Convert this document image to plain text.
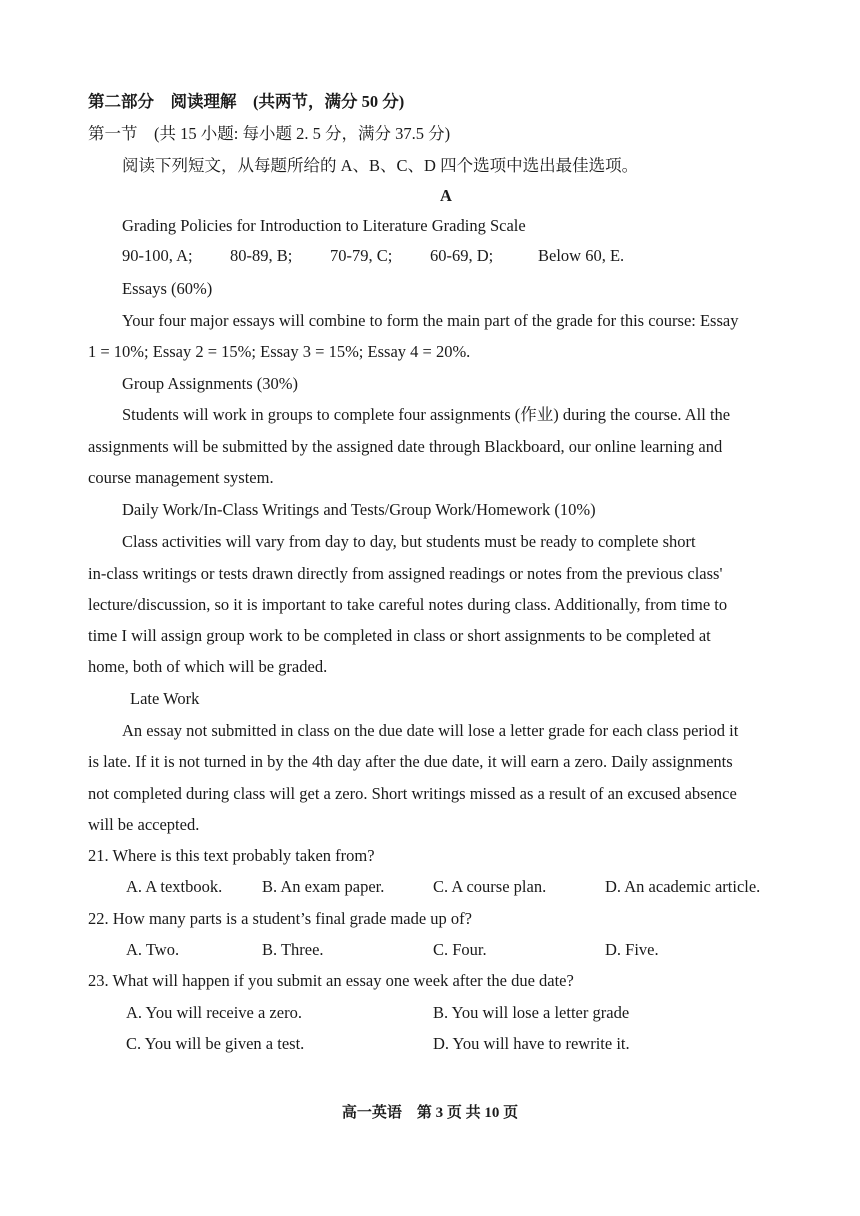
第二部分　阅读理解　(共两节，满分 50 分)
第一节　(共 15 小题: 每小题 2. 5 分，满分 37.5 分)
阅读下列短文，从每题所给的 A、B、C、D 四个选项中选出最佳选项。
A
Grading Policies for Introduction to Literature Grading Scale
90-100, A; 80-89, B; 70-79, C; 60-69, D;	Below 60, E.
Essays (60%)
Your four major essays will combine to form the main part of the grade for this course: Essay
1 = 10%; Essay 2 = 15%; Essay 3 = 15%; Essay 4 = 20%.
Group Assignments (30%)
Students will work in groups to complete four assignments (作业) during the course. All the
assignments will be submitted by the assigned date through Blackboard, our online learning and
course management system.
Daily Work/In-Class Writings and Tests/Group Work/Homework (10%)
Class activities will vary from day to day, but students must be ready to complete short
in-class writings or tests drawn directly from assigned readings or notes from the previous class'
lecture/discussion, so it is important to take careful notes during class. Additionally, from time to
time I will assign group work to be completed in class or short assignments to be completed at
home, both of which will be graded.
Late Work
An essay not submitted in class on the due date will lose a letter grade for each class period it
is late. If it is not turned in by the 4th day after the due date, it will earn a zero. Daily assignments
not completed during class will get a zero. Short writings missed as a result of an excused absence
will be accepted.
21. Where is this text probably taken from?
A. A textbook. B. An exam paper.	C. A course plan.	D. An academic article.
22. How many parts is a student’s final grade made up of?
A. Two.	B. Three.	C. Four.	D. Five.
23. What will happen if you submit an essay one week after the due date?
A. You will receive a zero.	B. You will lose a letter grade
C. You will be given a test.	D. You will have to rewrite it.
高一英语　第 3 页 共 10 页
